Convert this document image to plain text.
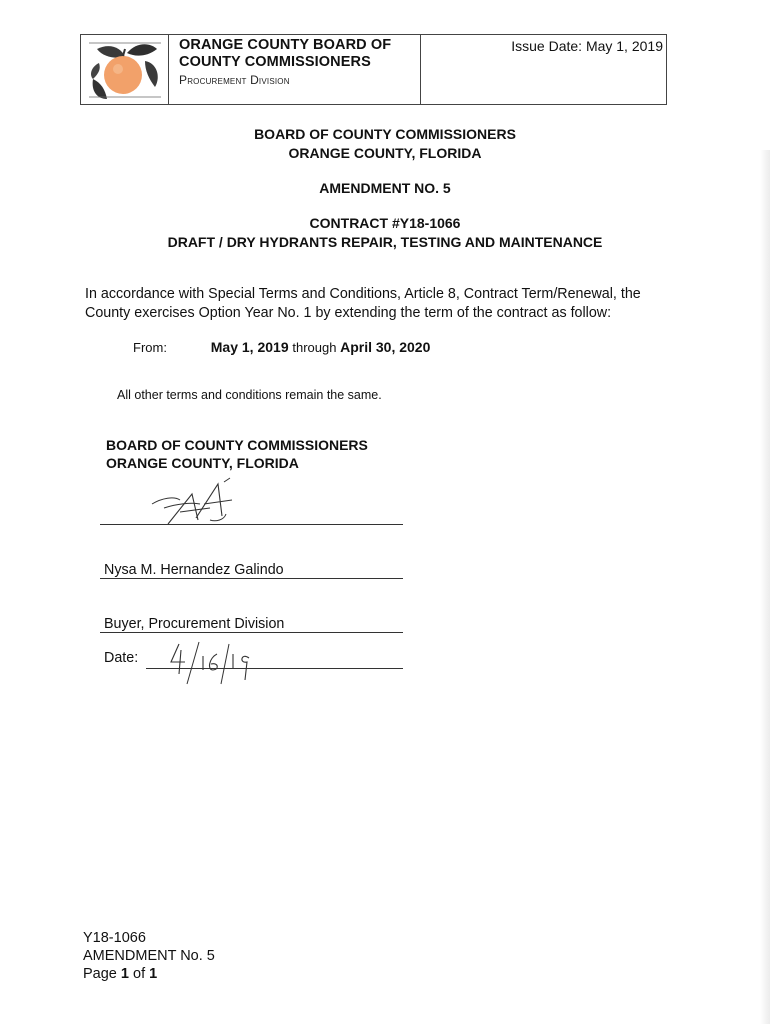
ORANGE COUNTY BOARD OF
COUNTY COMMISSIONERS
Procurement Division
Issue Date: May 1, 2019
BOARD OF COUNTY COMMISSIONERS
ORANGE COUNTY, FLORIDA
AMENDMENT NO. 5
CONTRACT #Y18-1066
DRAFT / DRY HYDRANTS REPAIR, TESTING AND MAINTENANCE
In accordance with Special Terms and Conditions, Article 8, Contract Term/Renewal, the
County exercises Option Year No. 1 by extending the term of the contract as follow:
From:	May 1, 2019 through April 30, 2020
All other terms and conditions remain the same.
BOARD OF COUNTY COMMISSIONERS
ORANGE COUNTY, FLORIDA
Nysa M. Hernandez Galindo
Buyer, Procurement Division
Date:
Y18-1066
AMENDMENT No. 5
Page 1 of 1
